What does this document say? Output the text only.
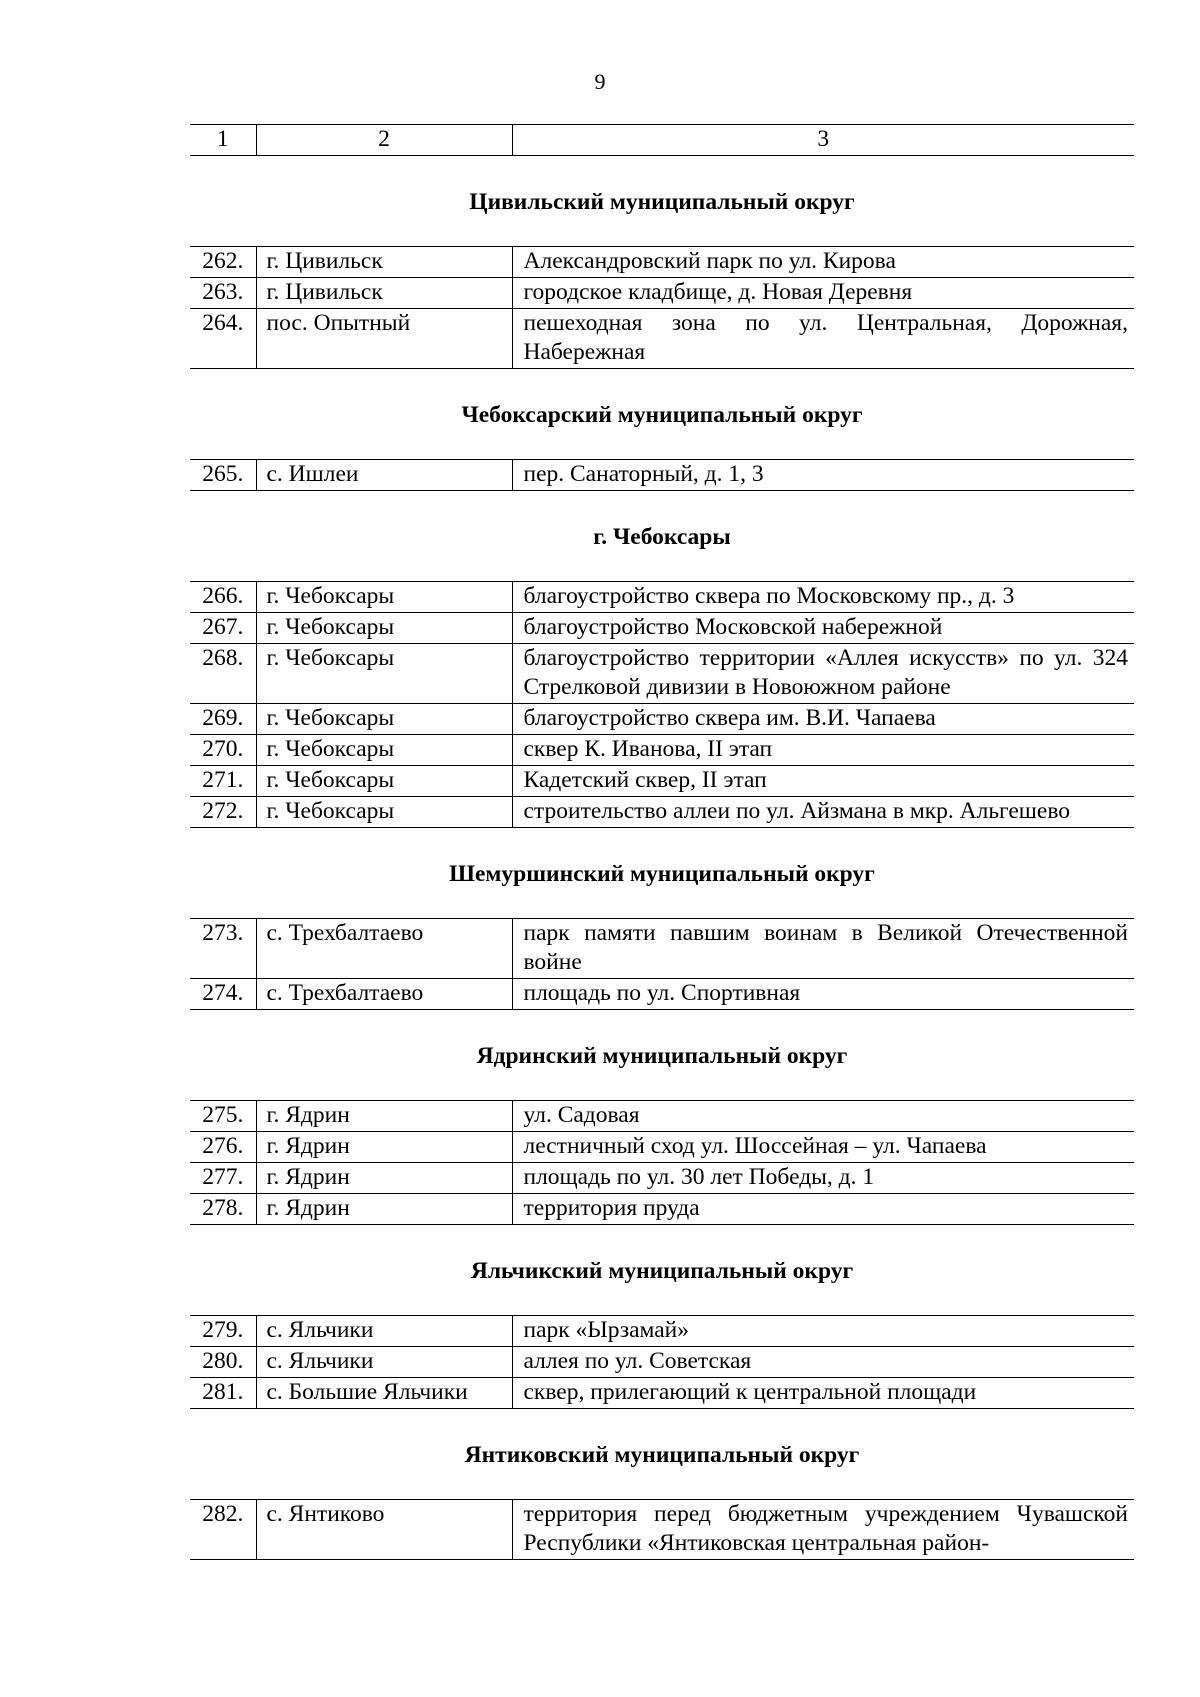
9
1	2	3
Цивильский муниципальный округ
262.	г. Цивильск	Александровский парк по ул. Кирова
263.	г. Цивильск	городское кладбище, д. Новая Деревня
264.	пос. Опытный	пешеходная зона по ул. Центральная, Дорожная, Набережная
Чебоксарский муниципальный округ
265.	с. Ишлеи	пер. Санаторный, д. 1, 3
г. Чебоксары
266.	г. Чебоксары	благоустройство сквера по Московскому пр., д. 3
267.	г. Чебоксары	благоустройство Московской набережной
268.	г. Чебоксары	благоустройство территории «Аллея искусств» по ул. 324 Стрелковой дивизии в Новоюжном районе
269.	г. Чебоксары	благоустройство сквера им. В.И. Чапаева
270.	г. Чебоксары	сквер К. Иванова, II этап
271.	г. Чебоксары	Кадетский сквер, II этап
272.	г. Чебоксары	строительство аллеи по ул. Айзмана в мкр. Альгешево
Шемуршинский муниципальный округ
273.	с. Трехбалтаево	парк памяти павшим воинам в Великой Отечественной войне
274.	с. Трехбалтаево	площадь по ул. Спортивная
Ядринский муниципальный округ
275.	г. Ядрин	ул. Садовая
276.	г. Ядрин	лестничный сход ул. Шоссейная – ул. Чапаева
277.	г. Ядрин	площадь по ул. 30 лет Победы, д. 1
278.	г. Ядрин	территория пруда
Яльчикский муниципальный округ
279.	с. Яльчики	парк «Ырзамай»
280.	с. Яльчики	аллея по ул. Советская
281.	с. Большие Яльчики	сквер, прилегающий к центральной площади
Янтиковский муниципальный округ
282.	с. Янтиково	территория перед бюджетным учреждением Чувашской Республики «Янтиковская центральная район-
